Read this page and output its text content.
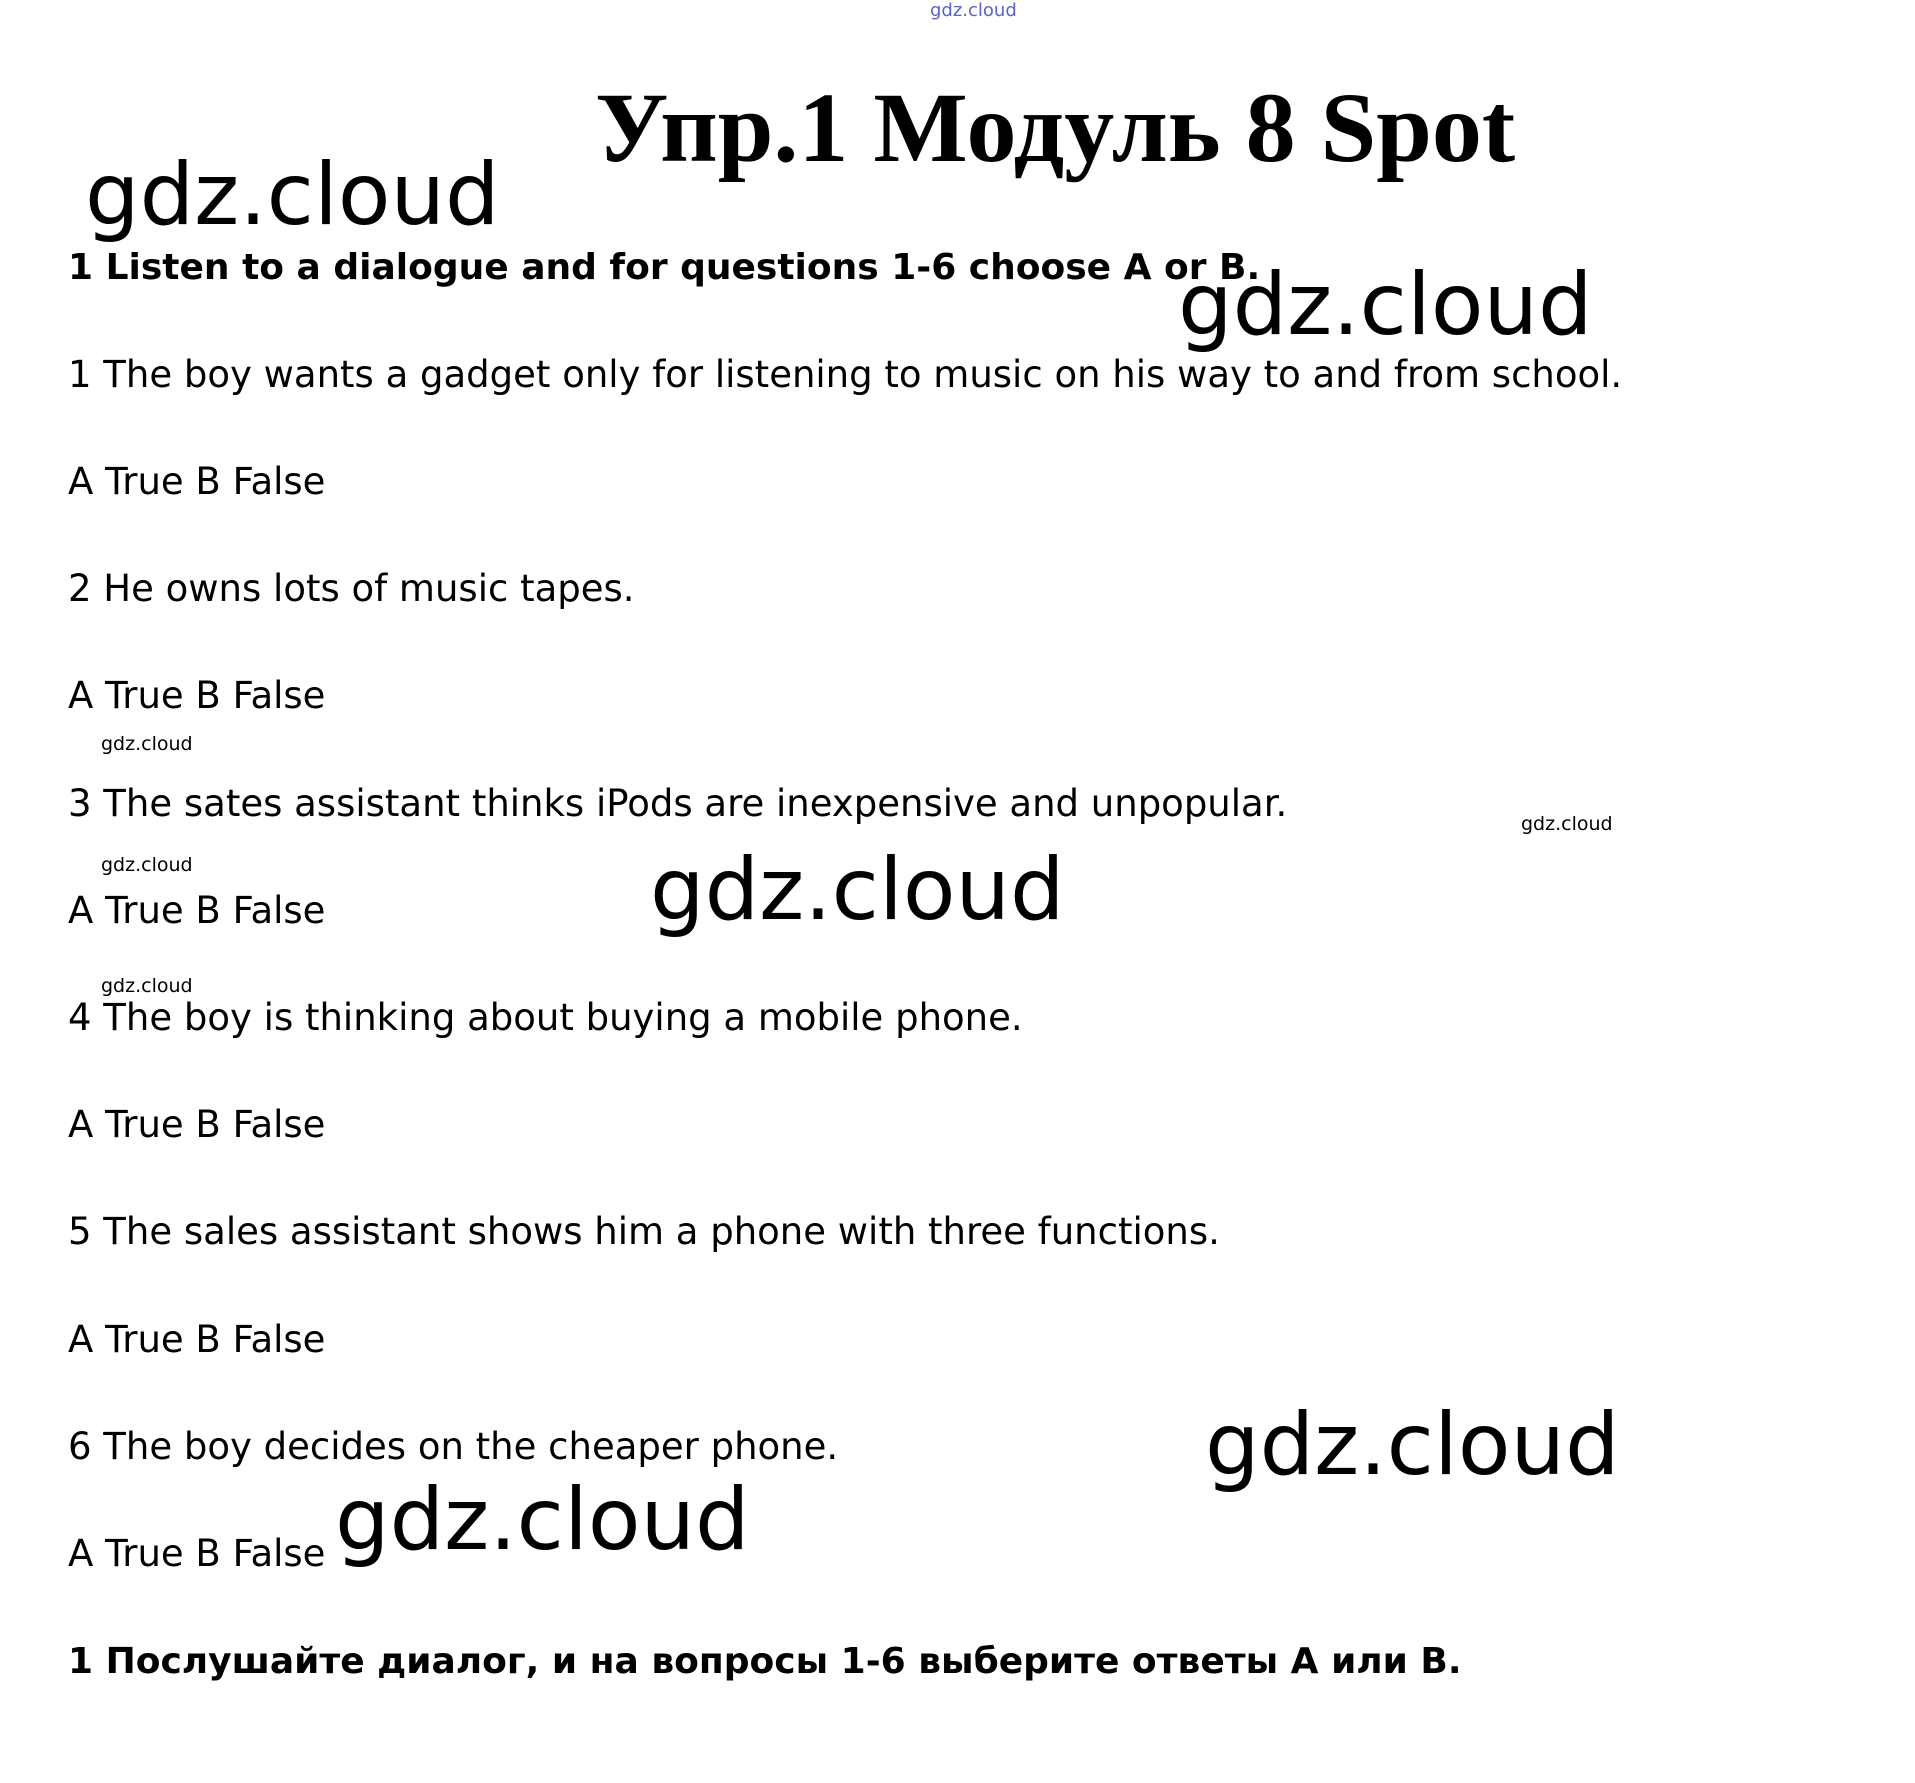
gdz.cloud
Упр.1 Модуль 8 Spot
gdz.cloud
gdz.cloud
gdz.cloud
gdz.cloud
gdz.cloud
gdz.cloud
gdz.cloud
gdz.cloud
gdz.cloud
1 Listen to a dialogue and for questions 1-6 choose A or B.
1 The boy wants a gadget only for listening to music on his way to and from school.
A True B False
2 He owns lots of music tapes.
A True B False
3 The sates assistant thinks iPods are inexpensive and unpopular.
A True B False
4 The boy is thinking about buying a mobile phone.
A True B False
5 The sales assistant shows him a phone with three functions.
A True B False
6 The boy decides on the cheaper phone.
A True B False
1 Послушайте диалог, и на вопросы 1-6 выберите ответы A или B.
